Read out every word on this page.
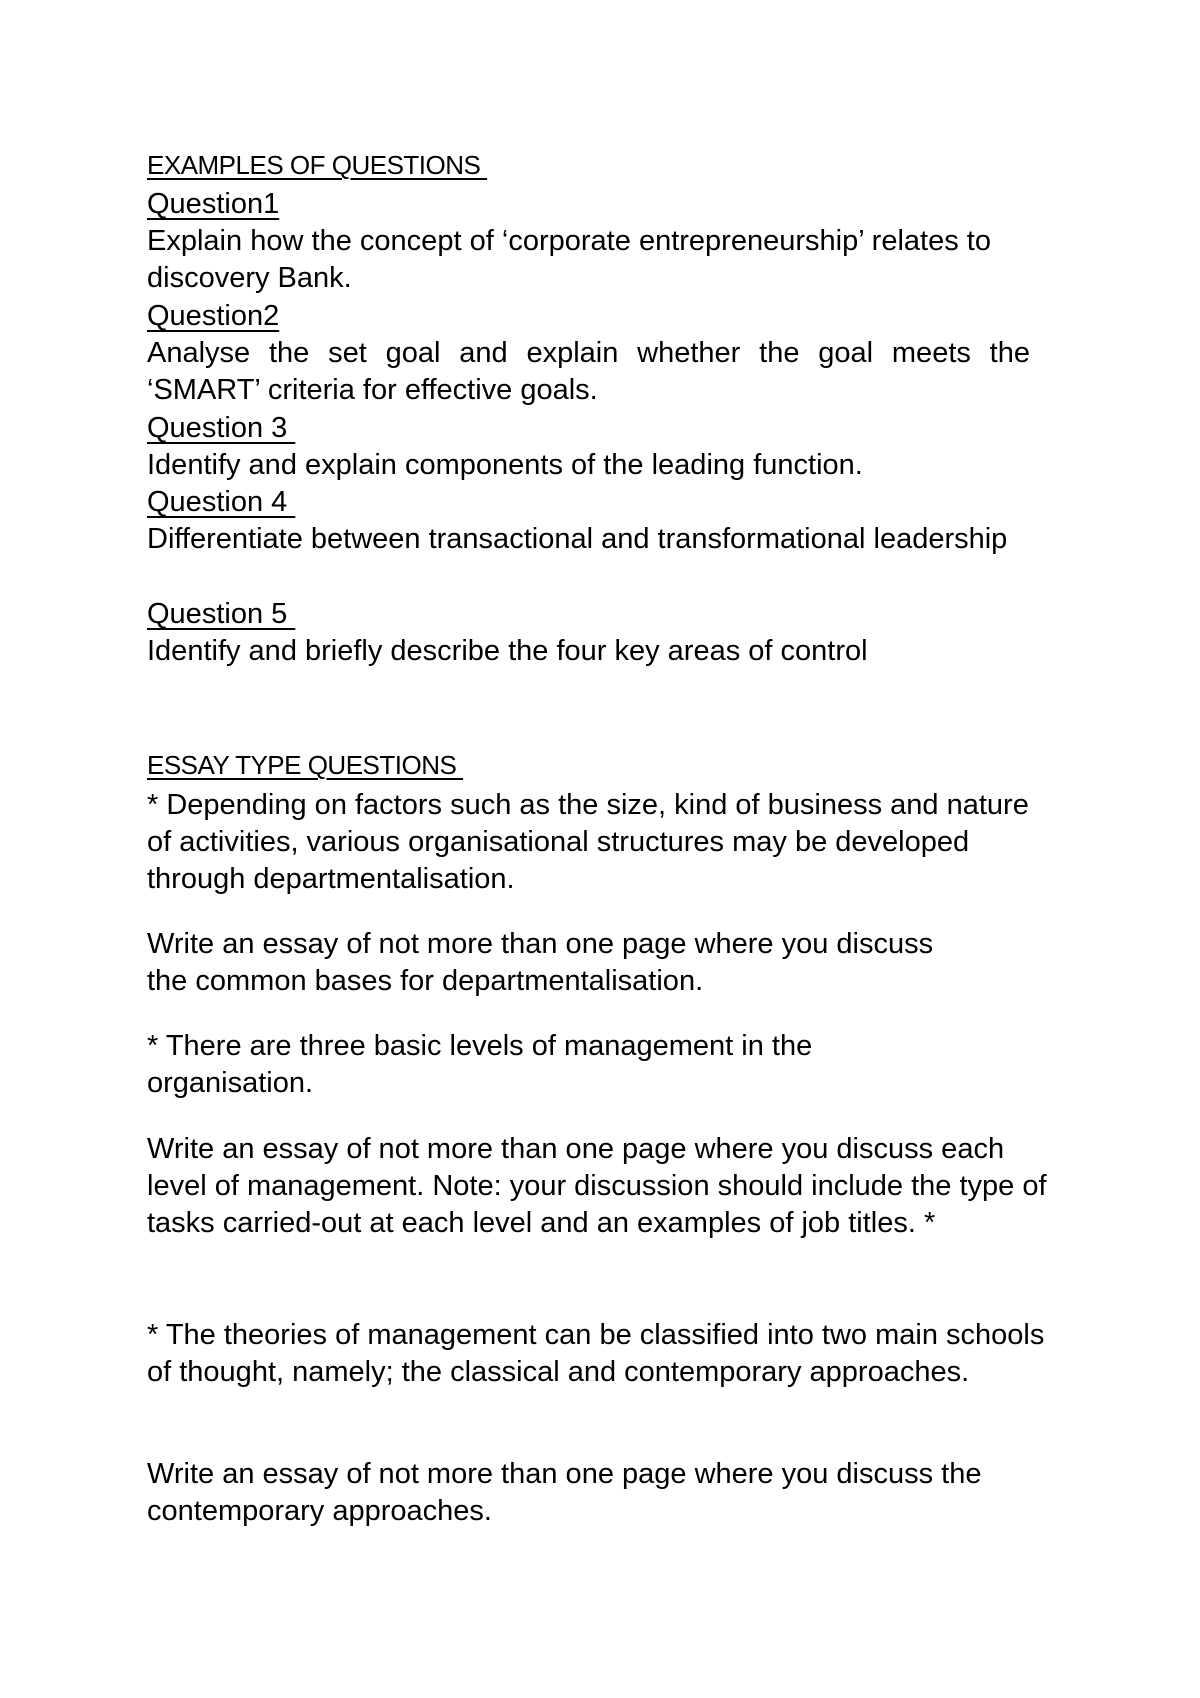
EXAMPLES OF QUESTIONS
Question1
Explain how the concept of ‘corporate entrepreneurship’ relates to discovery Bank.
Question2
Analyse the set goal and explain whether the goal meets the ‘SMART’ criteria for effective goals.
Question 3
Identify and explain components of the leading function.
Question 4
Differentiate between transactional and transformational leadership
Question 5
Identify and briefly describe the four key areas of control
ESSAY TYPE QUESTIONS
* Depending on factors such as the size, kind of business and nature of activities, various organisational structures may be developed through departmentalisation.
Write an essay of not more than one page where you discuss the common bases for departmentalisation.
* There are three basic levels of management in the organisation.
Write an essay of not more than one page where you discuss each level of management. Note: your discussion should include the type of tasks carried-out at each level and an examples of job titles. *
* The theories of management can be classified into two main schools of thought, namely; the classical and contemporary approaches.
Write an essay of not more than one page where you discuss the contemporary approaches.
